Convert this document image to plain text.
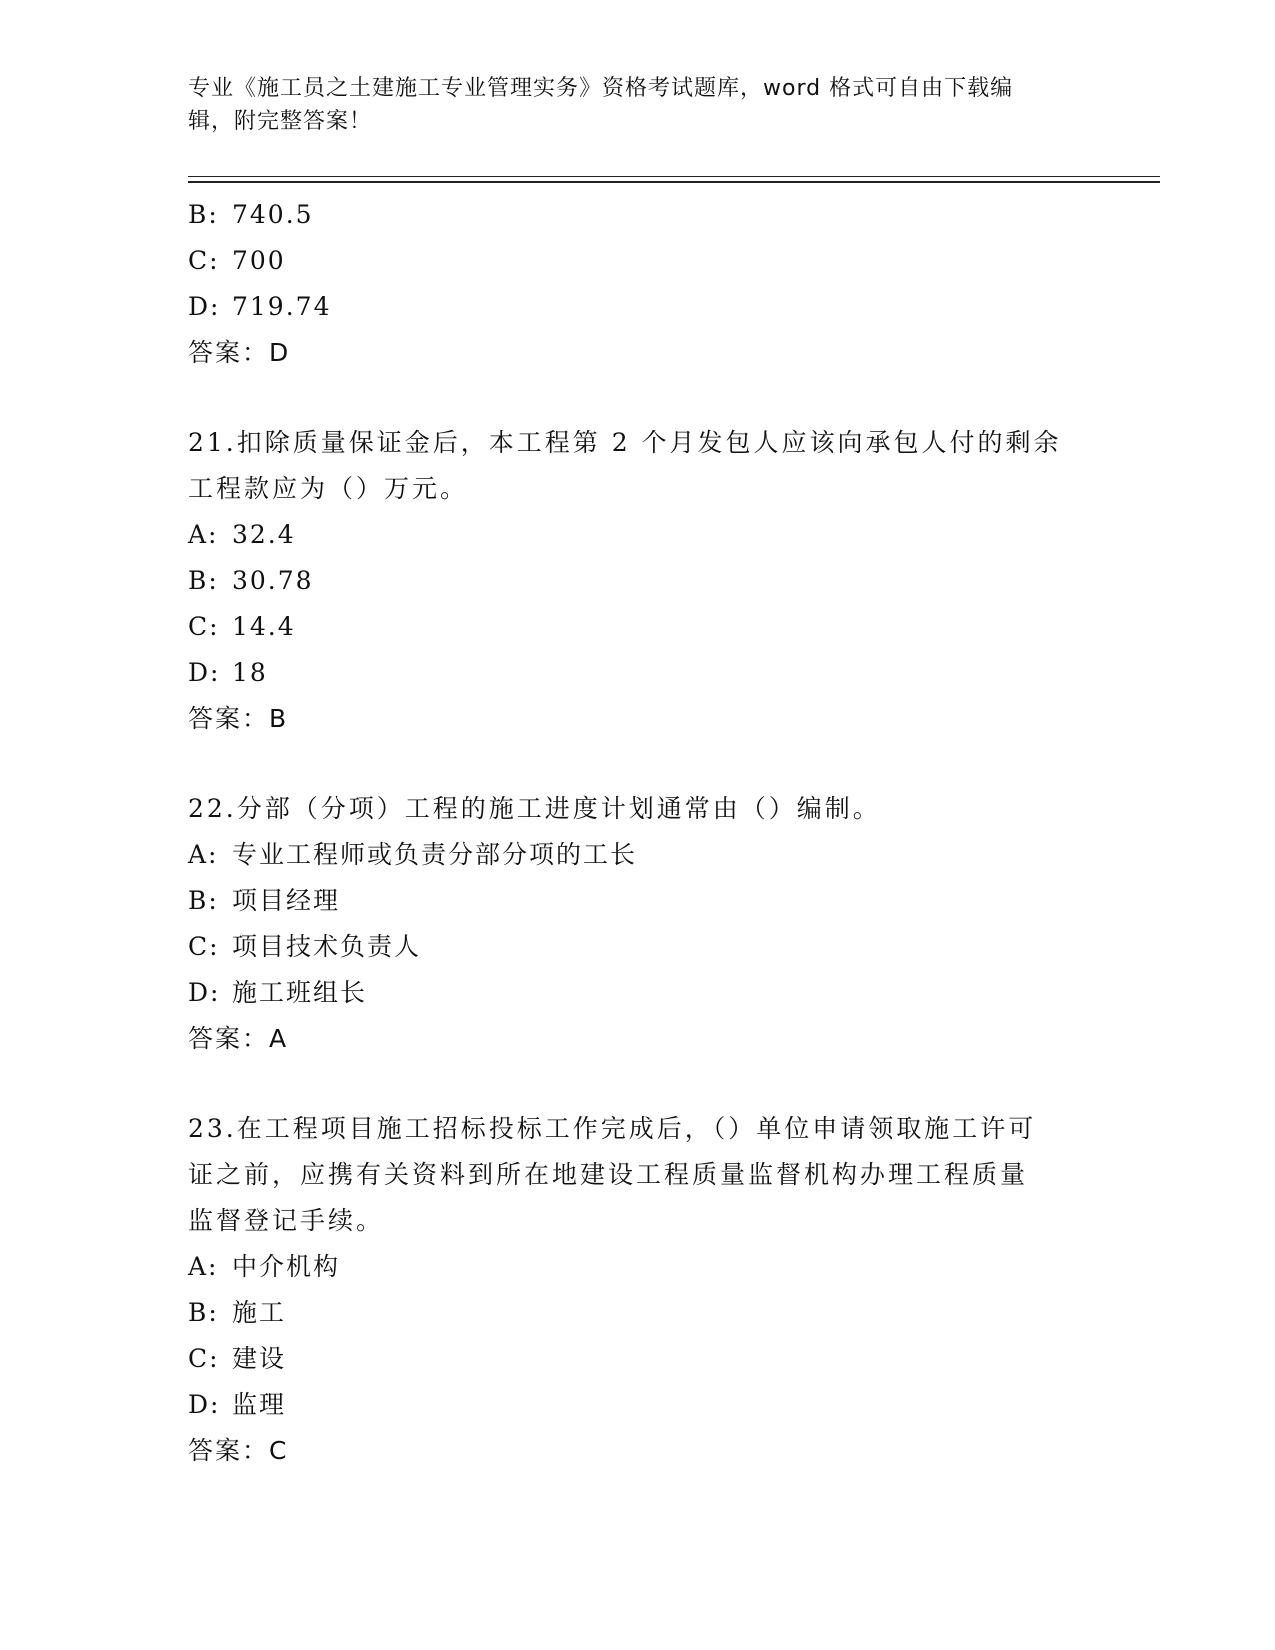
专业《施工员之土建施工专业管理实务》资格考试题库，word 格式可自由下载编
辑，附完整答案！
B: 740.5
C: 700
D: 719.74
答案：D
21.扣除质量保证金后，本工程第 2 个月发包人应该向承包人付的剩余
工程款应为（）万元。
A: 32.4
B: 30.78
C: 14.4
D: 18
答案：B
22.分部（分项）工程的施工进度计划通常由（）编制。
A: 专业工程师或负责分部分项的工长
B: 项目经理
C: 项目技术负责人
D: 施工班组长
答案：A
23.在工程项目施工招标投标工作完成后，（）单位申请领取施工许可
证之前，应携有关资料到所在地建设工程质量监督机构办理工程质量
监督登记手续。
A: 中介机构
B: 施工
C: 建设
D: 监理
答案：C
